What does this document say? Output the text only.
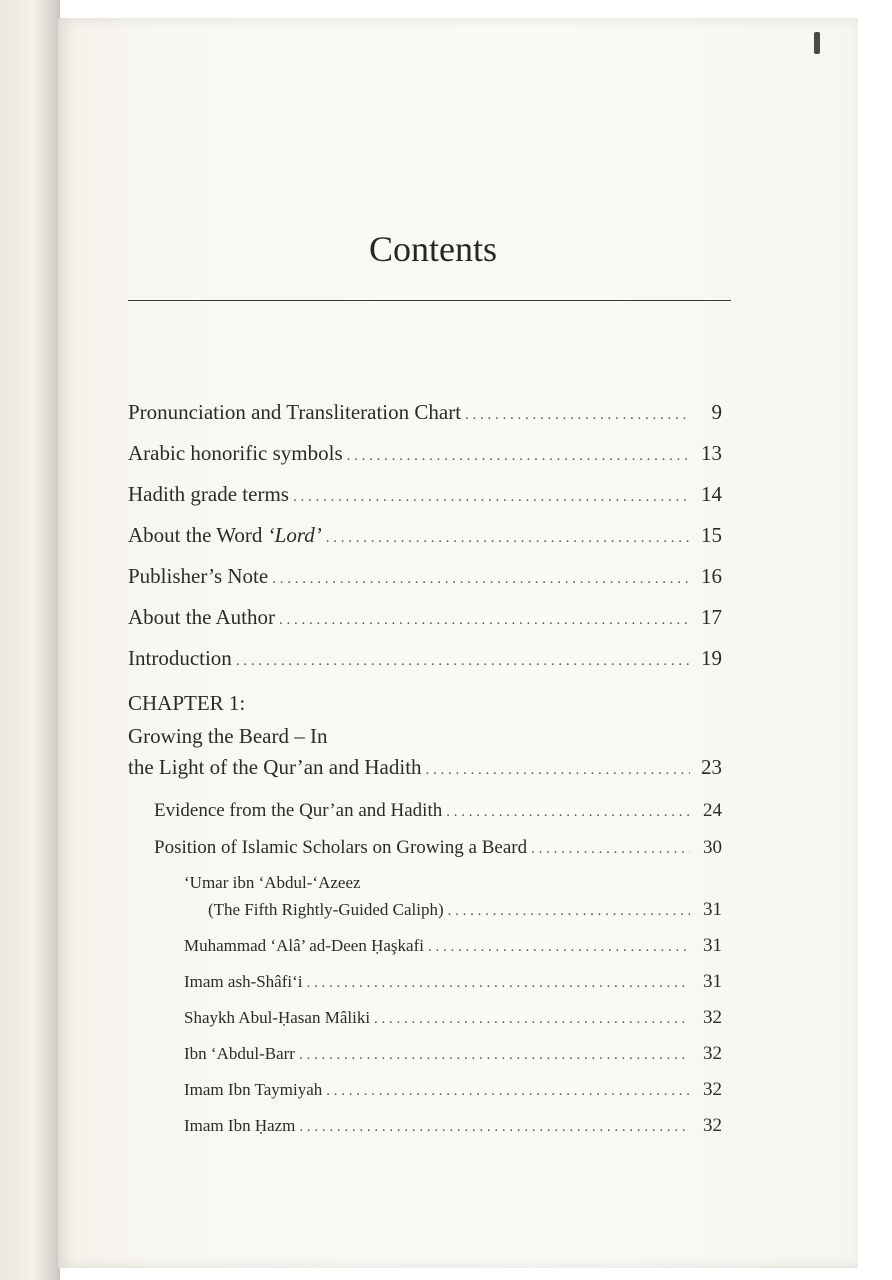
Contents
Pronunciation and Transliteration Chart . . .	9
Arabic honorific symbols . . .	13
Hadith grade terms . . .	14
About the Word ‘Lord’ . . .	15
Publisher’s Note . . .	16
About the Author . . .	17
Introduction . . .	19
CHAPTER 1:
Growing the Beard – In
the Light of the Qur’an and Hadith . . .	23
Evidence from the Qur’an and Hadith . . .	24
Position of Islamic Scholars on Growing a Beard . . .	30
‘Umar ibn ‘Abdul-‘Azeez
(The Fifth Rightly-Guided Caliph) . . .	31
Muhammad ‘Alâ’ ad-Deen Ḥaşkafi . . .	31
Imam ash-Shâfi‘i . . .	31
Shaykh Abul-Ḥasan Mâliki . . .	32
Ibn ‘Abdul-Barr . . .	32
Imam Ibn Taymiyah . . .	32
Imam Ibn Ḥazm . . .	32
